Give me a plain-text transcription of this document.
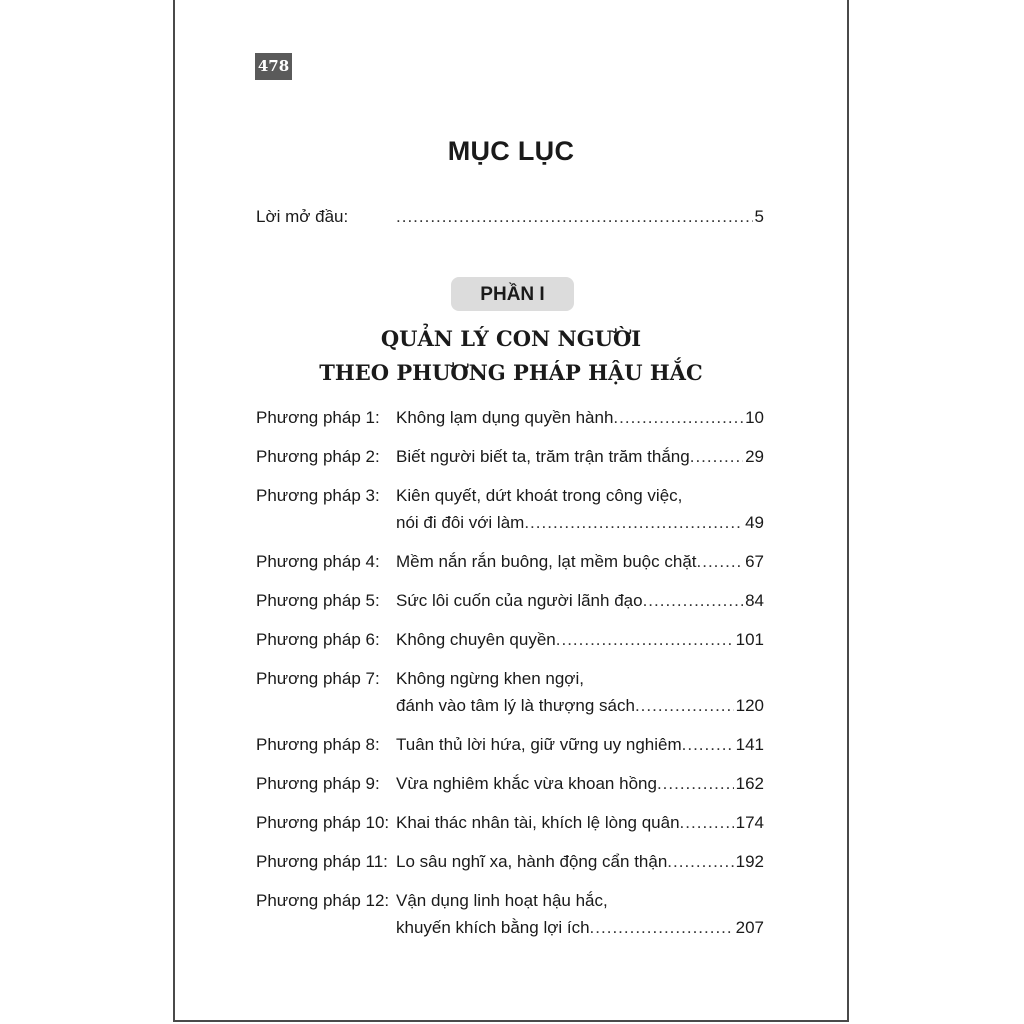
478
MỤC LỤC
Lời mở đầu: .....	5
PHẦN I
QUẢN LÝ CON NGƯỜI
THEO PHƯƠNG PHÁP HẬU HẮC
Phương pháp 1: Không lạm dụng quyền hành .....	10
Phương pháp 2: Biết người biết ta, trăm trận trăm thắng .....	29
Phương pháp 3: Kiên quyết, dứt khoát trong công việc,
nói đi đôi với làm .....	49
Phương pháp 4: Mềm nắn rắn buông, lạt mềm buộc chặt .....	67
Phương pháp 5: Sức lôi cuốn của người lãnh đạo .....	84
Phương pháp 6: Không chuyên quyền .....	101
Phương pháp 7: Không ngừng khen ngợi,
đánh vào tâm lý là thượng sách .....	120
Phương pháp 8: Tuân thủ lời hứa, giữ vững uy nghiêm .....	141
Phương pháp 9: Vừa nghiêm khắc vừa khoan hồng .....	162
Phương pháp 10: Khai thác nhân tài, khích lệ lòng quân .....	174
Phương pháp 11: Lo sâu nghĩ xa, hành động cẩn thận .....	192
Phương pháp 12: Vận dụng linh hoạt hậu hắc,
khuyến khích bằng lợi ích .....	207
